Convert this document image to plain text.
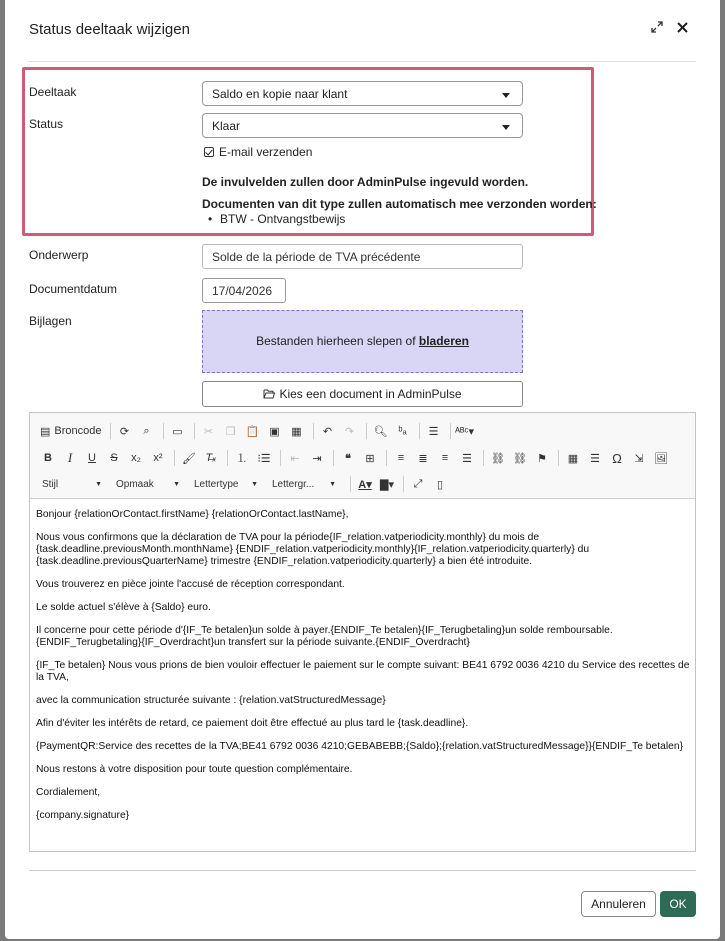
Status deeltaak wijzigen
Deeltaak	Saldo en kopie naar klant
Status	Klaar
E-mail verzenden
De invulvelden zullen door AdminPulse ingevuld worden.
Documenten van dit type zullen automatisch mee verzonden worden:
• BTW - Ontvangstbewijs
Onderwerp	Solde de la période de TVA précédente
Documentdatum	17/04/2026
Bijlagen
Bestanden hierheen slepen of bladeren
Kies een document in AdminPulse
▤ Broncode	⟳	⌕	▭	✂	❐ 📋 ▣	▦	↶	↷	🔍︎ ᵇₐ	☰	ᴬᴮᶜ▾
B	I	U	S	x₂	x²	🖌︎ T̶ₓ	⒈ ⁝☰	⇤	⇥	❝	⊞	≡	≣	≡	☰	⛓︎ ⛓︎ ⚑	▦	☰ Ω	⇲ 🖼︎
Stijl	▼ Opmaak	▼ Lettertype ▼ Lettergr... ▼ A▾ ▇▾	⤢	▯

Bonjour {relationOrContact.firstName} {relationOrContact.lastName},

Nous vous confirmons que la déclaration de TVA pour la période{IF_relation.vatperiodicity.monthly} du mois de {task.deadline.previousMonth.monthName} {ENDIF_relation.vatperiodicity.monthly}{IF_relation.vatperiodicity.quarterly} du {task.deadline.previousQuarterName} trimestre {ENDIF_relation.vatperiodicity.quarterly} a bien été introduite.

Vous trouverez en pièce jointe l'accusé de réception correspondant.

Le solde actuel s'élève à {Saldo} euro.

Il concerne pour cette période d'{IF_Te betalen}un solde à payer.{ENDIF_Te betalen}{IF_Terugbetaling}un solde remboursable.{ENDIF_Terugbetaling}{IF_Overdracht}un transfert sur la période suivante.{ENDIF_Overdracht}

{IF_Te betalen} Nous vous prions de bien vouloir effectuer le paiement sur le compte suivant: BE41 6792 0036 4210 du Service des recettes de la TVA,

avec la communication structurée suivante : {relation.vatStructuredMessage}

Afin d'éviter les intérêts de retard, ce paiement doit être effectué au plus tard le {task.deadline}.

{PaymentQR:Service des recettes de la TVA;BE41 6792 0036 4210;GEBABEBB;{Saldo};{relation.vatStructuredMessage}}{ENDIF_Te betalen}

Nous restons à votre disposition pour toute question complémentaire.

Cordialement,

{company.signature}

Annuleren	OK
